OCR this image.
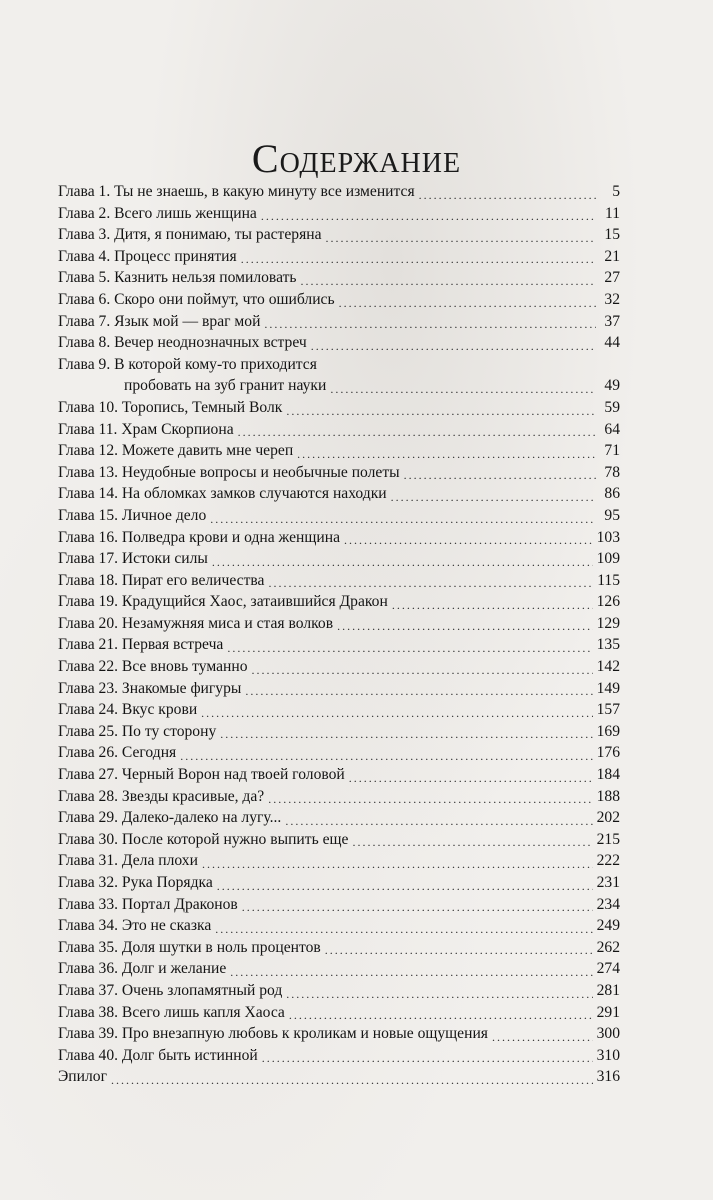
Содержание
Глава 1. Ты не знаешь, в какую минуту все изменится . . .	5
Глава 2. Всего лишь женщина . . .	11
Глава 3. Дитя, я понимаю, ты растеряна . . .	15
Глава 4. Процесс принятия . . .	21
Глава 5. Казнить нельзя помиловать . . .	27
Глава 6. Скоро они поймут, что ошиблись . . .	32
Глава 7. Язык мой — враг мой . . .	37
Глава 8. Вечер неоднозначных встреч . . .	44
Глава 9. В которой кому-то приходится
пробовать на зуб гранит науки . . .	49
Глава 10. Торопись, Темный Волк . . .	59
Глава 11. Храм Скорпиона . . .	64
Глава 12. Можете давить мне череп . . .	71
Глава 13. Неудобные вопросы и необычные полеты . . .	78
Глава 14. На обломках замков случаются находки . . .	86
Глава 15. Личное дело . . .	95
Глава 16. Полведра крови и одна женщина . . .	103
Глава 17. Истоки силы . . .	109
Глава 18. Пират его величества . . .	115
Глава 19. Крадущийся Хаос, затаившийся Дракон . . .	126
Глава 20. Незамужняя миса и стая волков . . .	129
Глава 21. Первая встреча . . .	135
Глава 22. Все вновь туманно . . .	142
Глава 23. Знакомые фигуры . . .	149
Глава 24. Вкус крови . . .	157
Глава 25. По ту сторону . . .	169
Глава 26. Сегодня . . .	176
Глава 27. Черный Ворон над твоей головой . . .	184
Глава 28. Звезды красивые, да? . . .	188
Глава 29. Далеко-далеко на лугу... . . .	202
Глава 30. После которой нужно выпить еще . . .	215
Глава 31. Дела плохи . . .	222
Глава 32. Рука Порядка . . .	231
Глава 33. Портал Драконов . . .	234
Глава 34. Это не сказка . . .	249
Глава 35. Доля шутки в ноль процентов . . .	262
Глава 36. Долг и желание . . .	274
Глава 37. Очень злопамятный род . . .	281
Глава 38. Всего лишь капля Хаоса . . .	291
Глава 39. Про внезапную любовь к кроликам и новые ощущения . . .	300
Глава 40. Долг быть истинной . . .	310
Эпилог . . .	316
